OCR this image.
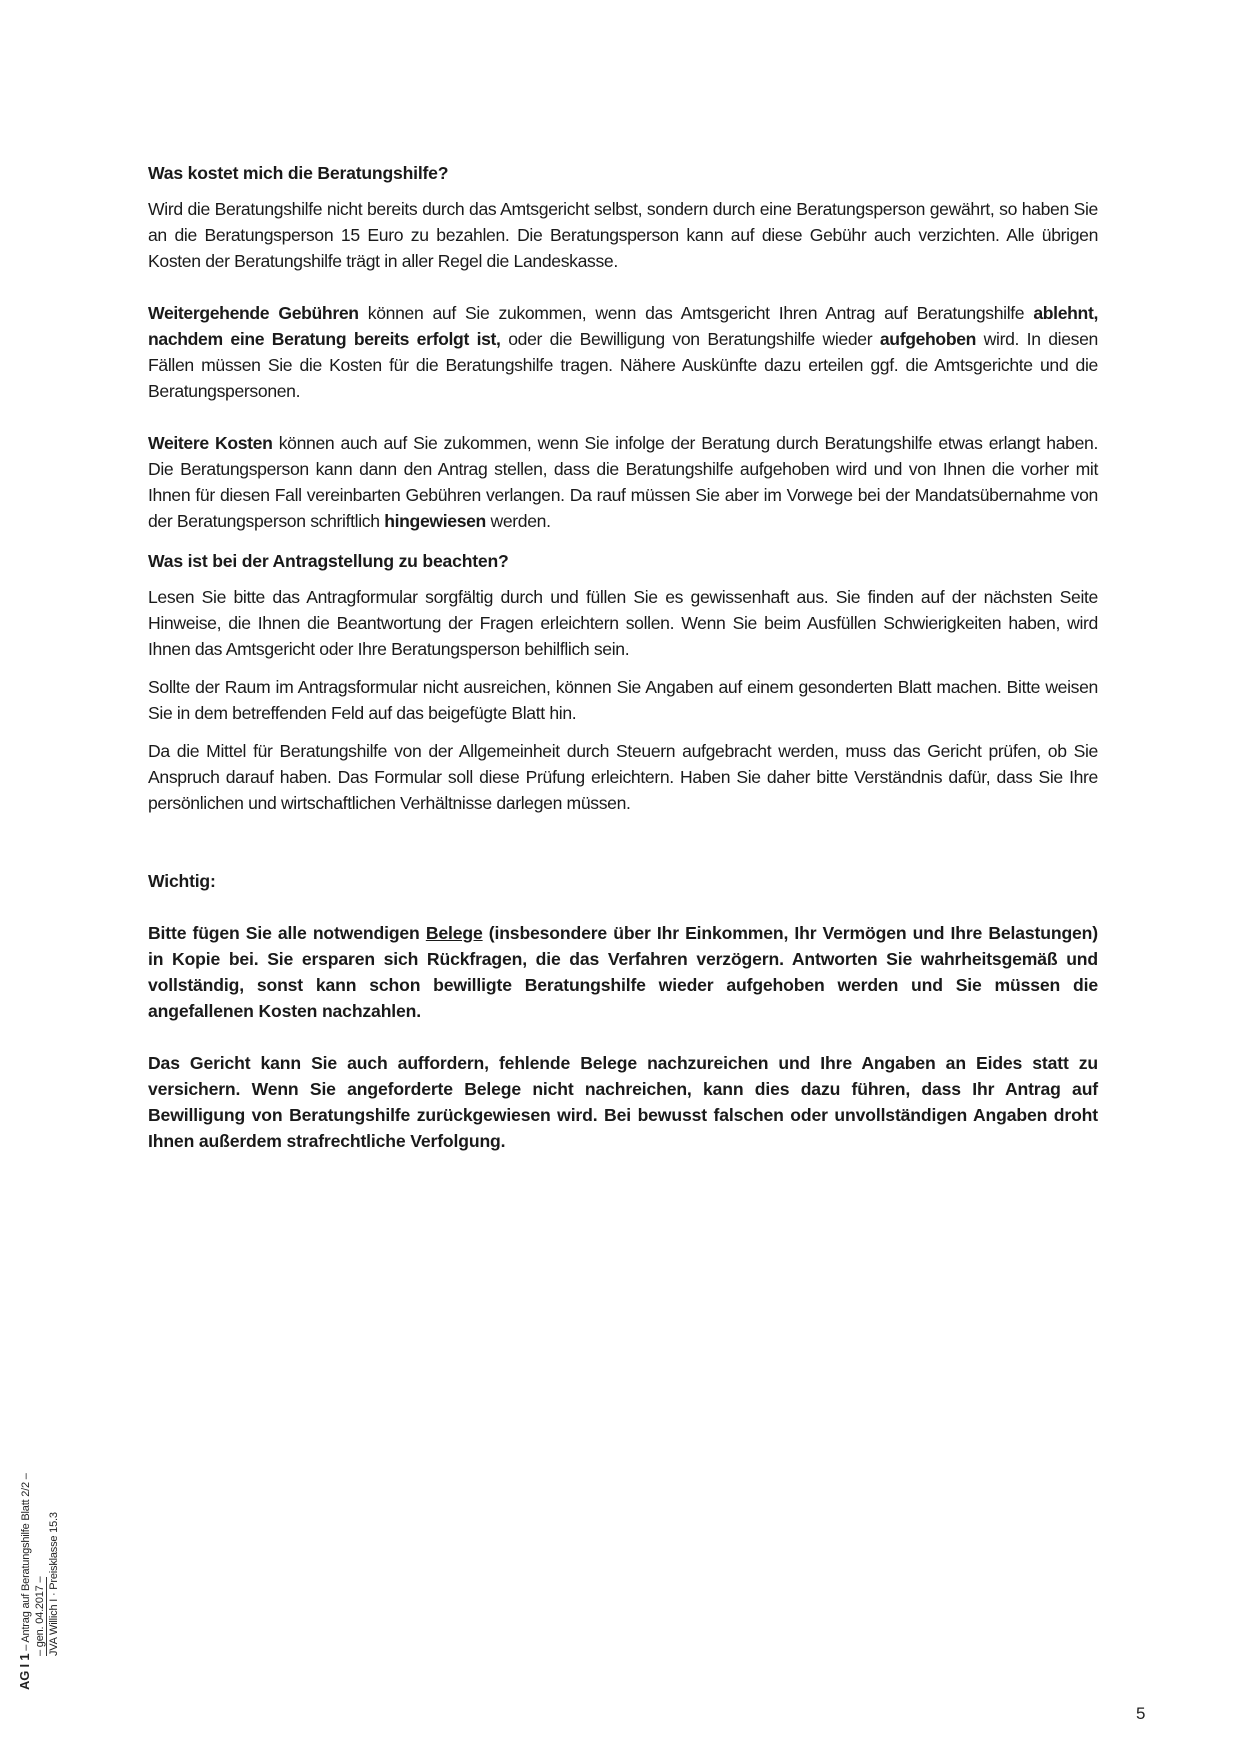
Was kostet mich die Beratungshilfe?

Wird die Beratungshilfe nicht bereits durch das Amtsgericht selbst, sondern durch eine Beratungsperson gewährt, so haben Sie an die Beratungsperson 15 Euro zu bezahlen. Die Beratungsperson kann auf diese Gebühr auch verzichten. Alle übrigen Kosten der Beratungshilfe trägt in aller Regel die Landeskasse.

Weitergehende Gebühren können auf Sie zukommen, wenn das Amtsgericht Ihren Antrag auf Beratungshilfe ablehnt, nachdem eine Beratung bereits erfolgt ist, oder die Bewilligung von Beratungshilfe wieder aufgehoben wird. In diesen Fällen müssen Sie die Kosten für die Beratungshilfe tragen. Nähere Auskünfte dazu erteilen ggf. die Amtsgerichte und die Beratungspersonen.

Weitere Kosten können auch auf Sie zukommen, wenn Sie infolge der Beratung durch Beratungshilfe etwas erlangt haben. Die Beratungsperson kann dann den Antrag stellen, dass die Beratungshilfe aufgehoben wird und von Ihnen die vorher mit Ihnen für diesen Fall vereinbarten Gebühren verlangen. Da rauf müssen Sie aber im Vorwege bei der Mandatsübernahme von der Beratungsperson schriftlich hingewiesen werden.

Was ist bei der Antragstellung zu beachten?

Lesen Sie bitte das Antragformular sorgfältig durch und füllen Sie es gewissenhaft aus. Sie finden auf der nächsten Seite Hinweise, die Ihnen die Beantwortung der Fragen erleichtern sollen. Wenn Sie beim Ausfüllen Schwierigkeiten haben, wird Ihnen das Amtsgericht oder Ihre Beratungsperson behilflich sein.

Sollte der Raum im Antragsformular nicht ausreichen, können Sie Angaben auf einem gesonderten Blatt machen. Bitte weisen Sie in dem betreffenden Feld auf das beigefügte Blatt hin.

Da die Mittel für Beratungshilfe von der Allgemeinheit durch Steuern aufgebracht werden, muss das Gericht prüfen, ob Sie Anspruch darauf haben. Das Formular soll diese Prüfung erleichtern. Haben Sie daher bitte Verständnis dafür, dass Sie Ihre persönlichen und wirtschaftlichen Verhältnisse darlegen müssen.

Wichtig:

Bitte fügen Sie alle notwendigen Belege (insbesondere über Ihr Einkommen, Ihr Vermögen und Ihre Belastungen) in Kopie bei. Sie ersparen sich Rückfragen, die das Verfahren verzögern. Antworten Sie wahrheitsgemäß und vollständig, sonst kann schon bewilligte Beratungshilfe wieder aufgehoben werden und Sie müssen die angefallenen Kosten nachzahlen.

Das Gericht kann Sie auch auffordern, fehlende Belege nachzureichen und Ihre Angaben an Eides statt zu versichern. Wenn Sie angeforderte Belege nicht nachreichen, kann dies dazu führen, dass Ihr Antrag auf Bewilligung von Beratungshilfe zurückgewiesen wird. Bei bewusst falschen oder unvollständigen Angaben droht Ihnen außerdem strafrechtliche Verfolgung.

AG I 1 – Antrag auf Beratungshilfe Blatt 2/2 – – gen. 04.2017 – JVA Willich I · Preisklasse 15.3
5
